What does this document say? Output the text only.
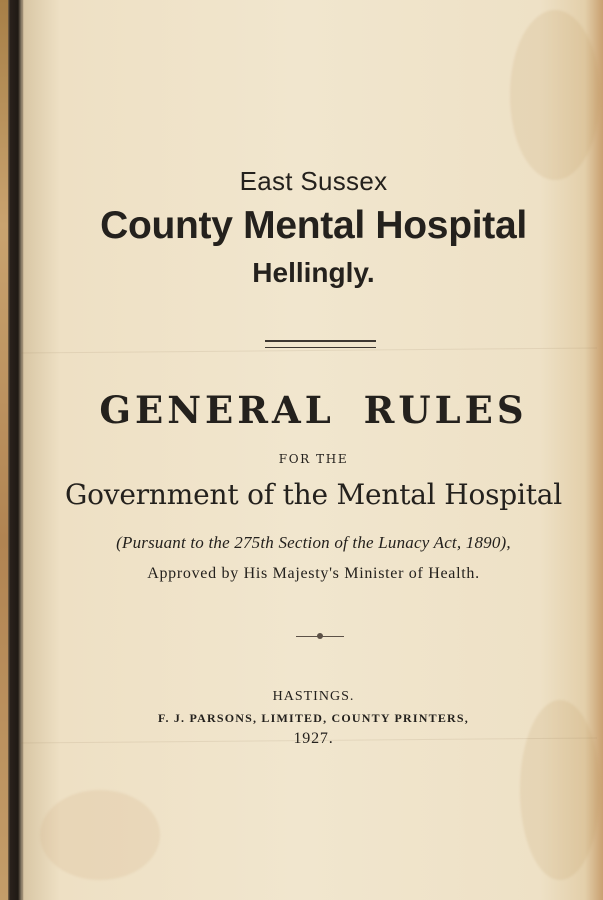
East Sussex
County Mental Hospital
Hellingly.
GENERAL RULES
FOR THE
Government of the Mental Hospital
(Pursuant to the 275th Section of the Lunacy Act, 1890),
Approved by His Majesty's Minister of Health.
HASTINGS.
F. J. PARSONS, LIMITED, COUNTY PRINTERS,
1927.
